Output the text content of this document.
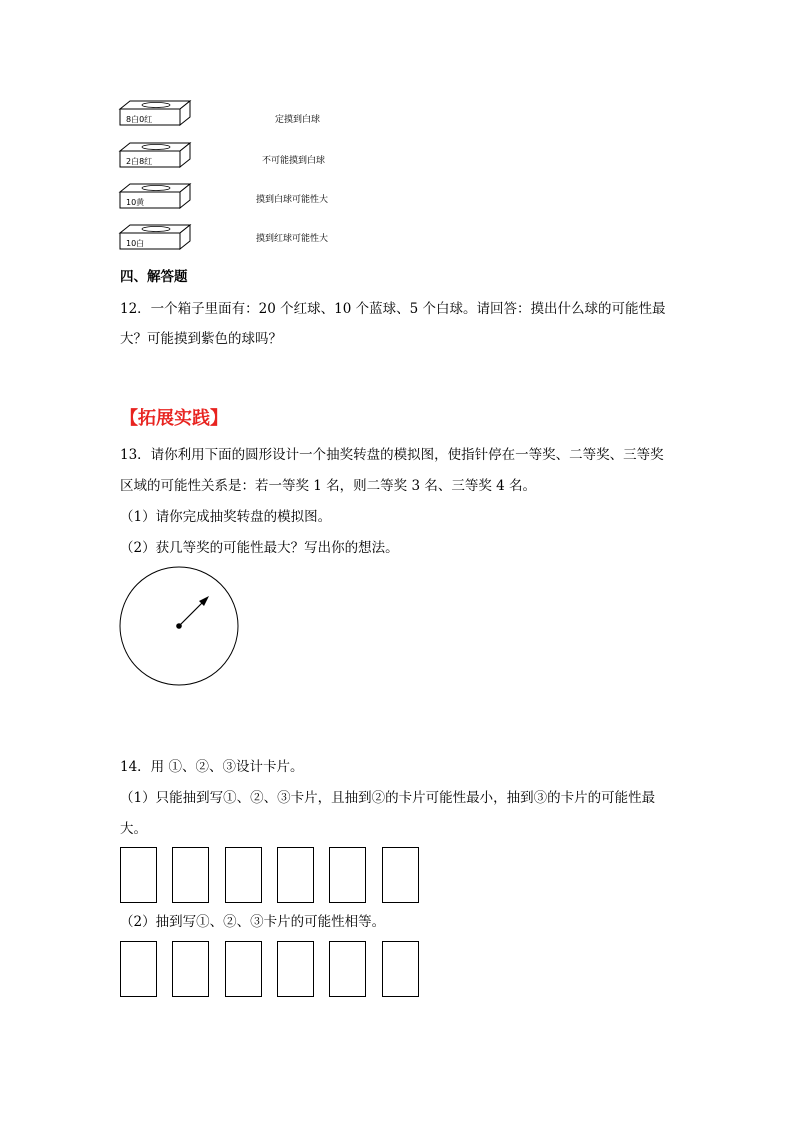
8白0红
2白8红
10黄
10白
定摸到白球
不可能摸到白球
摸到白球可能性大
摸到红球可能性大
四、解答题
12．一个箱子里面有：20 个红球、10 个蓝球、5 个白球。请回答：摸出什么球的可能性最
大？可能摸到紫色的球吗？
【拓展实践】
13．请你利用下面的圆形设计一个抽奖转盘的模拟图，使指针停在一等奖、二等奖、三等奖
区域的可能性关系是：若一等奖 1 名，则二等奖 3 名、三等奖 4 名。
（1）请你完成抽奖转盘的模拟图。
（2）获几等奖的可能性最大？写出你的想法。
14．用 ①、②、③设计卡片。
（1）只能抽到写①、②、③卡片，且抽到②的卡片可能性最小，抽到③的卡片的可能性最
大。
（2）抽到写①、②、③卡片的可能性相等。
